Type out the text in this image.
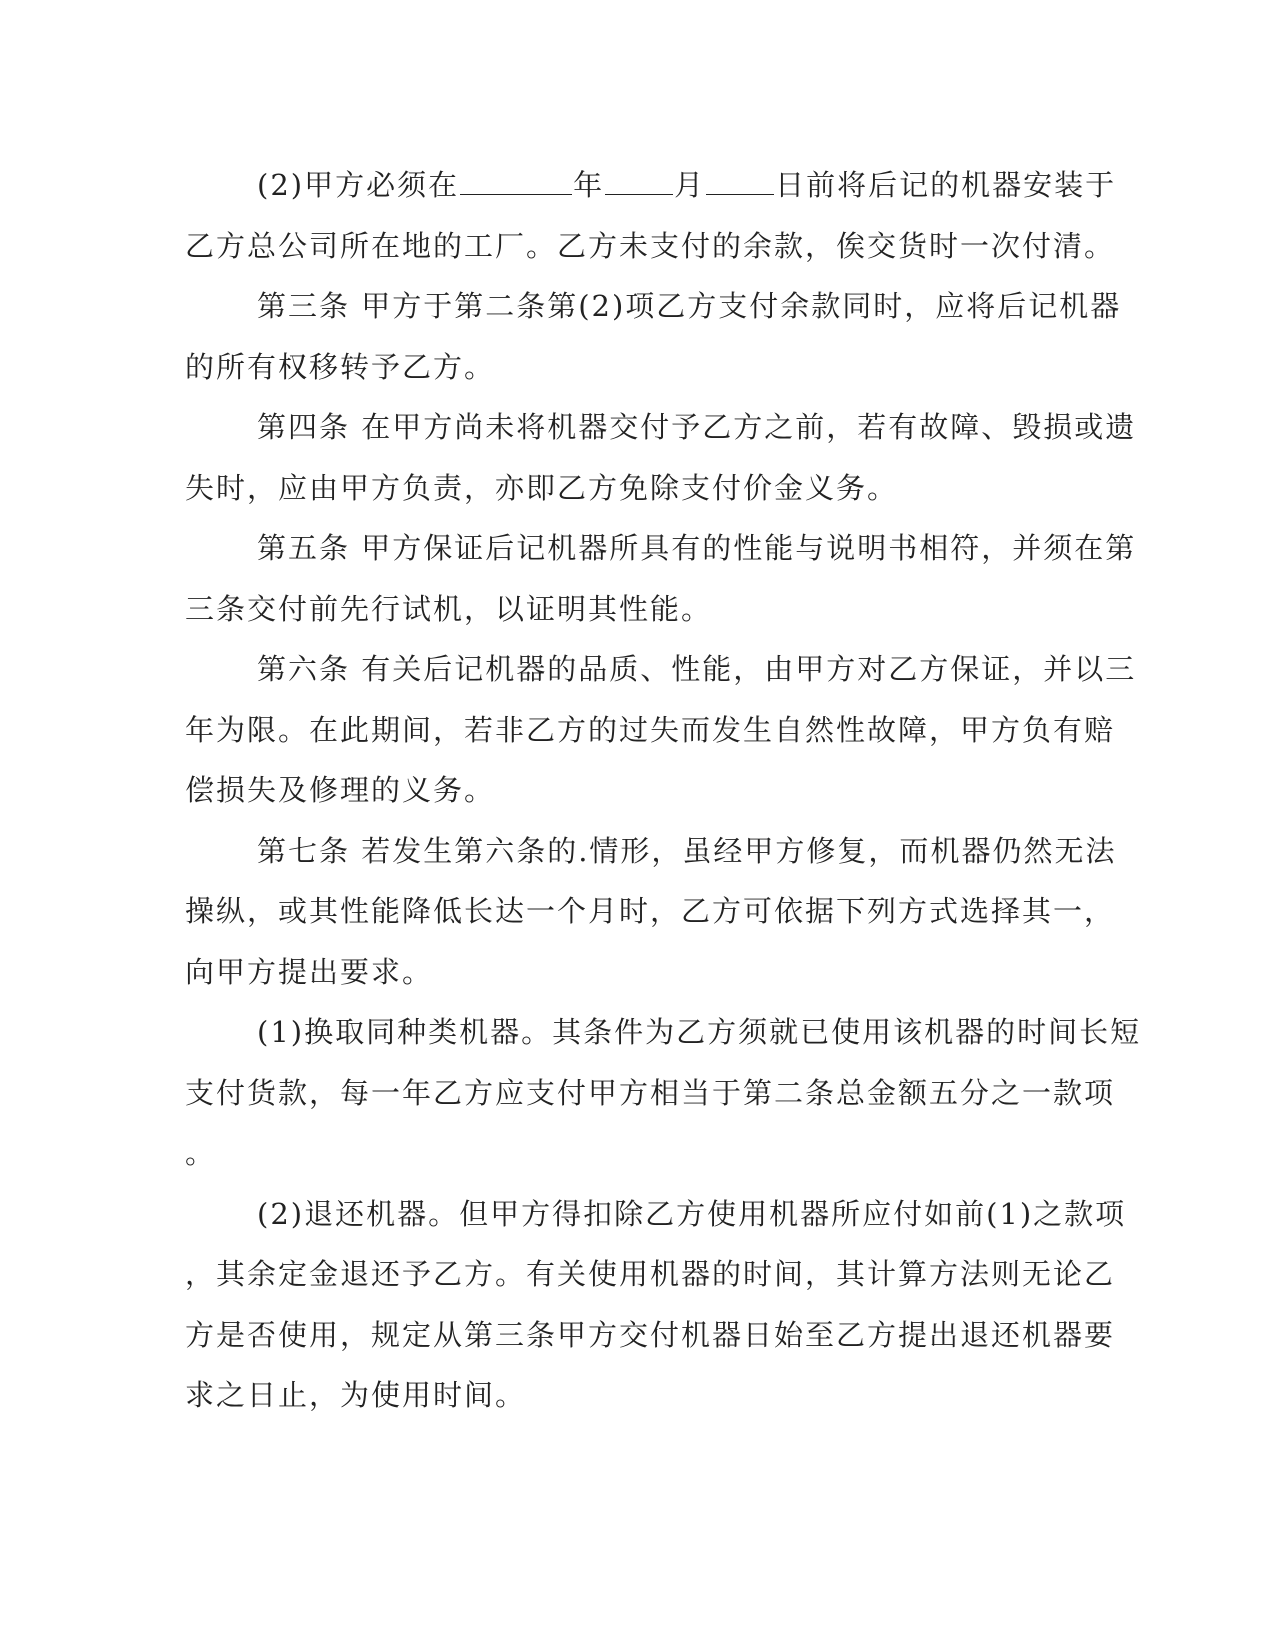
(2)甲方必须在	年 月 日前将后记的机器安装于
乙方总公司所在地的工厂。乙方未支付的余款，俟交货时一次付清。
第三条 甲方于第二条第(2)项乙方支付余款同时，应将后记机器
的所有权移转予乙方。
第四条 在甲方尚未将机器交付予乙方之前，若有故障、毁损或遗
失时，应由甲方负责，亦即乙方免除支付价金义务。
第五条 甲方保证后记机器所具有的性能与说明书相符，并须在第
三条交付前先行试机，以证明其性能。
第六条 有关后记机器的品质、性能，由甲方对乙方保证，并以三
年为限。在此期间，若非乙方的过失而发生自然性故障，甲方负有赔
偿损失及修理的义务。
第七条 若发生第六条的.情形，虽经甲方修复，而机器仍然无法
操纵，或其性能降低长达一个月时，乙方可依据下列方式选择其一，
向甲方提出要求。
(1)换取同种类机器。其条件为乙方须就已使用该机器的时间长短
支付货款，每一年乙方应支付甲方相当于第二条总金额五分之一款项
。
(2)退还机器。但甲方得扣除乙方使用机器所应付如前(1)之款项
，其余定金退还予乙方。有关使用机器的时间，其计算方法则无论乙
方是否使用，规定从第三条甲方交付机器日始至乙方提出退还机器要
求之日止，为使用时间。
